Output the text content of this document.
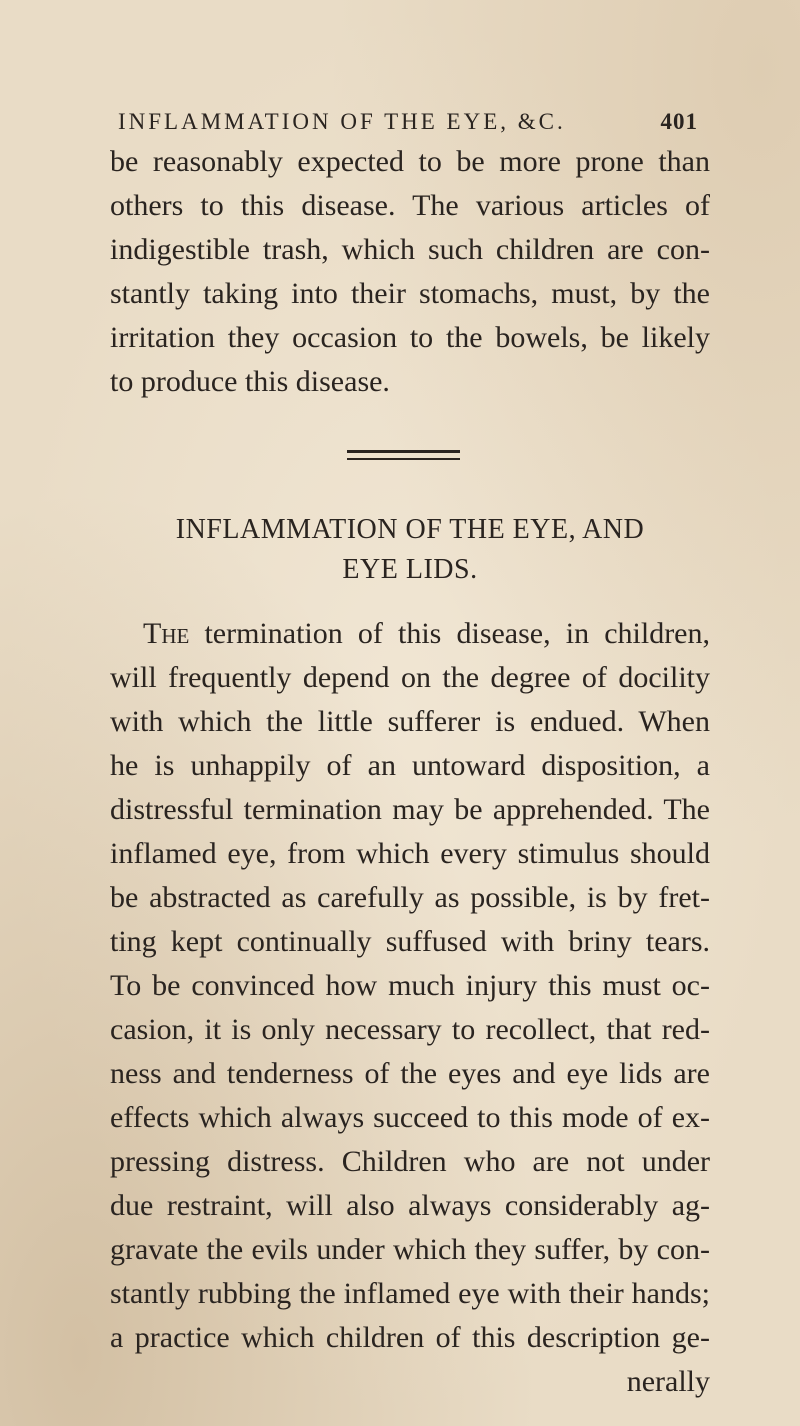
INFLAMMATION OF THE EYE, &C.	401
be reasonably expected to be more prone than
others to this disease. The various articles of
indigestible trash, which such children are con-
stantly taking into their stomachs, must, by the
irritation they occasion to the bowels, be likely
to produce this disease.
INFLAMMATION OF THE EYE, AND
EYE LIDS.
The termination of this disease, in children,
will frequently depend on the degree of docility
with which the little sufferer is endued. When
he is unhappily of an untoward disposition, a
distressful termination may be apprehended. The
inflamed eye, from which every stimulus should
be abstracted as carefully as possible, is by fret-
ting kept continually suffused with briny tears.
To be convinced how much injury this must oc-
casion, it is only necessary to recollect, that red-
ness and tenderness of the eyes and eye lids are
effects which always succeed to this mode of ex-
pressing distress. Children who are not under
due restraint, will also always considerably ag-
gravate the evils under which they suffer, by con-
stantly rubbing the inflamed eye with their hands;
a practice which children of this description ge-
nerally
